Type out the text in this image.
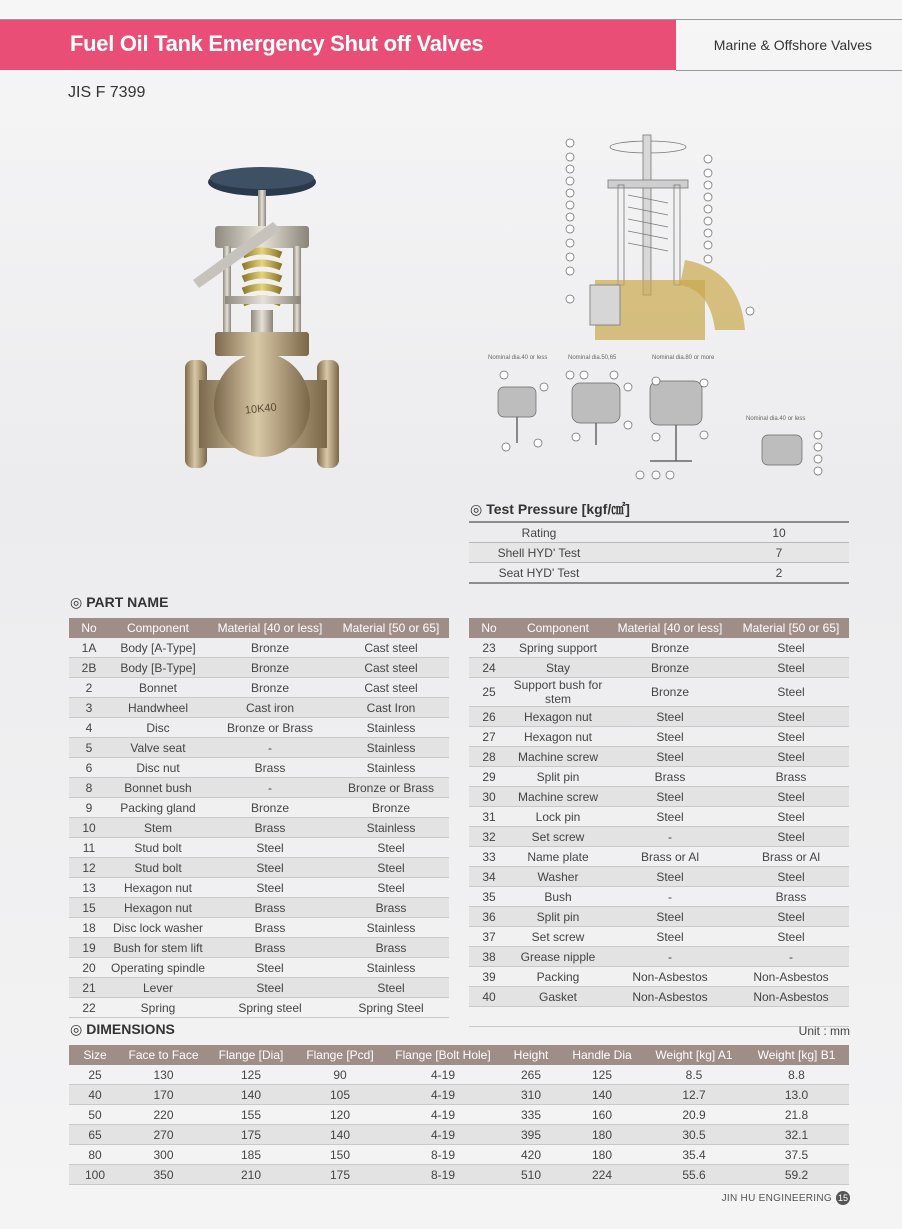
Fuel Oil Tank Emergency Shut off Valves	Marine & Offshore Valves
JIS F 7399
10K40
Nominal dia.40 or less	Nominal dia.50,65	Nominal dia.80 or more
Nominal dia.40 or less
◎ Test Pressure [kgf/㎠]
Rating		10
Shell HYD' Test		7
Seat HYD' Test		2
◎ PART NAME
No	Component	Material [40 or less]	Material [50 or 65]
1A	Body [A-Type]	Bronze	Cast steel
2B	Body [B-Type]	Bronze	Cast steel
2	Bonnet	Bronze	Cast steel
3	Handwheel	Cast iron	Cast Iron
4	Disc	Bronze or Brass	Stainless
5	Valve seat	-	Stainless
6	Disc nut	Brass	Stainless
8	Bonnet bush	-	Bronze or Brass
9	Packing gland	Bronze	Bronze
10	Stem	Brass	Stainless
11	Stud bolt	Steel	Steel
12	Stud bolt	Steel	Steel
13	Hexagon nut	Steel	Steel
15	Hexagon nut	Brass	Brass
18	Disc lock washer	Brass	Stainless
19	Bush for stem lift	Brass	Brass
20	Operating spindle	Steel	Stainless
21	Lever	Steel	Steel
22	Spring	Spring steel	Spring Steel
No	Component	Material [40 or less]	Material [50 or 65]
23	Spring support	Bronze	Steel
24	Stay	Bronze	Steel
25	Support bush for stem	Bronze	Steel
26	Hexagon nut	Steel	Steel
27	Hexagon nut	Steel	Steel
28	Machine screw	Steel	Steel
29	Split pin	Brass	Brass
30	Machine screw	Steel	Steel
31	Lock pin	Steel	Steel
32	Set screw	-	Steel
33	Name plate	Brass or Al	Brass or Al
34	Washer	Steel	Steel
35	Bush	-	Brass
36	Split pin	Steel	Steel
37	Set screw	Steel	Steel
38	Grease nipple	-	-
39	Packing	Non-Asbestos	Non-Asbestos
40	Gasket	Non-Asbestos	Non-Asbestos

◎ DIMENSIONS	Unit : mm
Size	Face to Face	Flange [Dia]	Flange [Pcd]	Flange [Bolt Hole]	Height	Handle Dia	Weight [kg] A1	Weight [kg] B1
25	130	125	90	4-19	265	125	8.5	8.8
40	170	140	105	4-19	310	140	12.7	13.0
50	220	155	120	4-19	335	160	20.9	21.8
65	270	175	140	4-19	395	180	30.5	32.1
80	300	185	150	8-19	420	180	35.4	37.5
100	350	210	175	8-19	510	224	55.6	59.2
JIN HU ENGINEERING 15
